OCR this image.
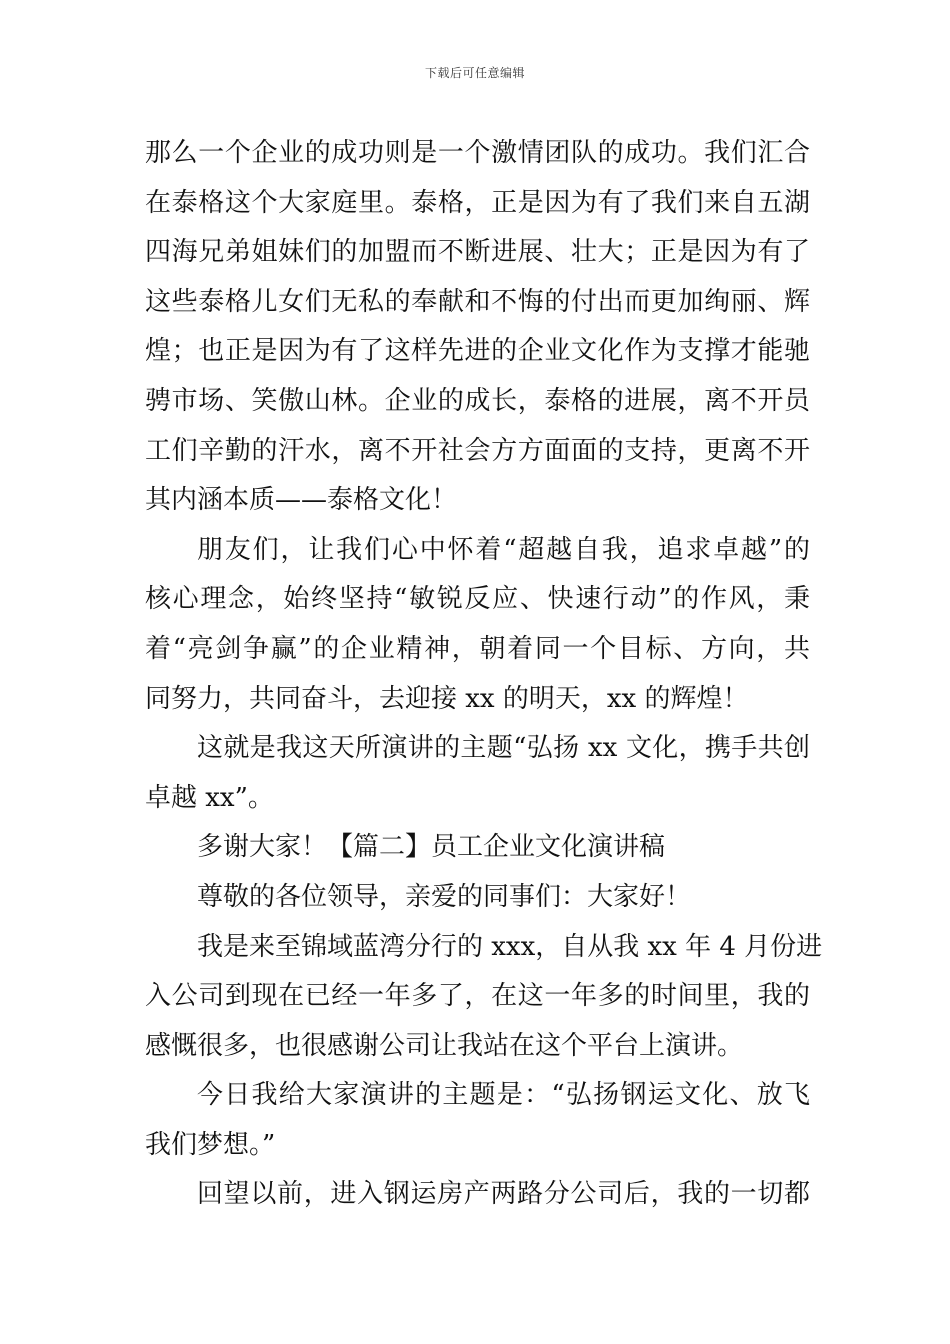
下载后可任意编辑
那么一个企业的成功则是一个激情团队的成功。我们汇合
在泰格这个大家庭里。泰格，正是因为有了我们来自五湖
四海兄弟姐妹们的加盟而不断进展、壮大；正是因为有了
这些泰格儿女们无私的奉献和不悔的付出而更加绚丽、辉
煌；也正是因为有了这样先进的企业文化作为支撑才能驰
骋市场、笑傲山林。企业的成长，泰格的进展，离不开员
工们辛勤的汗水，离不开社会方方面面的支持，更离不开
其内涵本质——泰格文化！
朋友们，让我们心中怀着“超越自我，追求卓越”的
核心理念，始终坚持“敏锐反应、快速行动”的作风，秉
着“亮剑争赢”的企业精神，朝着同一个目标、方向，共
同努力，共同奋斗，去迎接 xx 的明天，xx 的辉煌！
这就是我这天所演讲的主题“弘扬 xx 文化，携手共创
卓越 xx”。
多谢大家！【篇二】员工企业文化演讲稿
尊敬的各位领导，亲爱的同事们：大家好！
我是来至锦域蓝湾分行的 xxx，自从我 xx 年 4 月份进
入公司到现在已经一年多了，在这一年多的时间里，我的
感慨很多，也很感谢公司让我站在这个平台上演讲。
今日我给大家演讲的主题是：“弘扬钢运文化、放飞
我们梦想。”
回望以前，进入钢运房产两路分公司后，我的一切都
